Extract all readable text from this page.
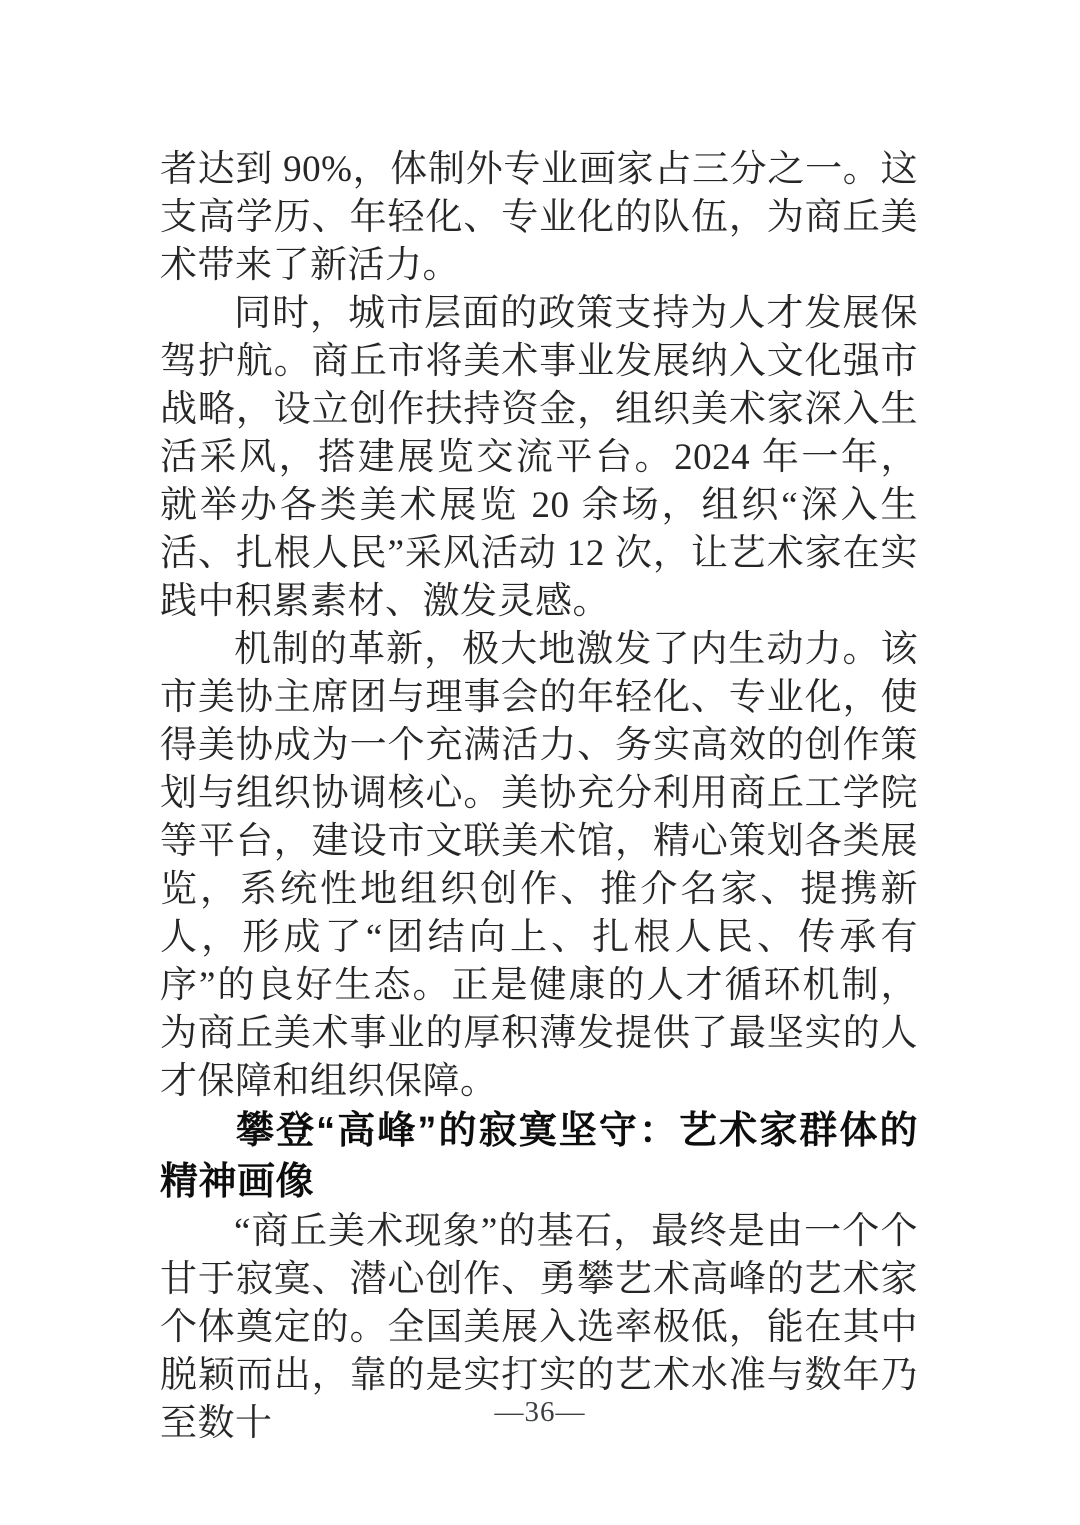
者达到 90%，体制外专业画家占三分之一。这支高学历、年轻化、专业化的队伍，为商丘美术带来了新活力。

同时，城市层面的政策支持为人才发展保驾护航。商丘市将美术事业发展纳入文化强市战略，设立创作扶持资金，组织美术家深入生活采风，搭建展览交流平台。2024 年一年，就举办各类美术展览 20 余场，组织“深入生活、扎根人民”采风活动 12 次，让艺术家在实践中积累素材、激发灵感。

机制的革新，极大地激发了内生动力。该市美协主席团与理事会的年轻化、专业化，使得美协成为一个充满活力、务实高效的创作策划与组织协调核心。美协充分利用商丘工学院等平台，建设市文联美术馆，精心策划各类展览，系统性地组织创作、推介名家、提携新人，形成了“团结向上、扎根人民、传承有序”的良好生态。正是健康的人才循环机制，为商丘美术事业的厚积薄发提供了最坚实的人才保障和组织保障。

攀登“高峰”的寂寞坚守：艺术家群体的精神画像

“商丘美术现象”的基石，最终是由一个个甘于寂寞、潜心创作、勇攀艺术高峰的艺术家个体奠定的。全国美展入选率极低，能在其中脱颖而出，靠的是实打实的艺术水准与数年乃至数十	—36—
